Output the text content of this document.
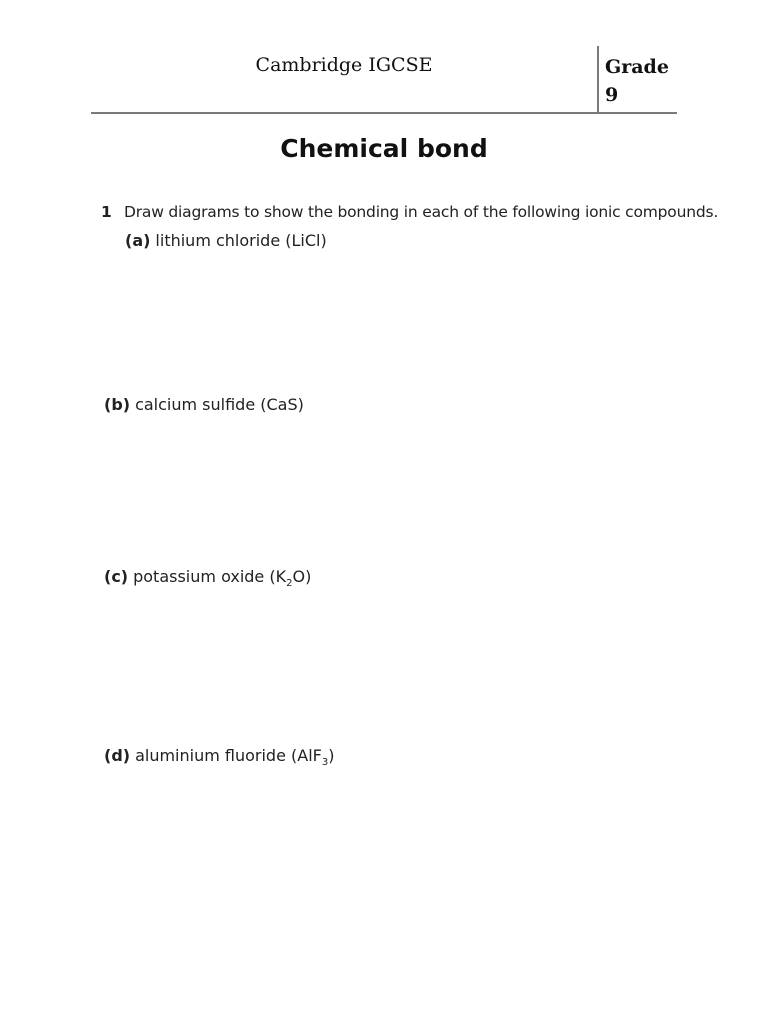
Cambridge IGCSE	Grade
9
Chemical bond
1 Draw diagrams to show the bonding in each of the following ionic compounds.
(a) lithium chloride (LiCl)
(b) calcium sulfide (CaS)
(c) potassium oxide $(K_2O)$
(d) aluminium fluoride (AlF$_3$)
